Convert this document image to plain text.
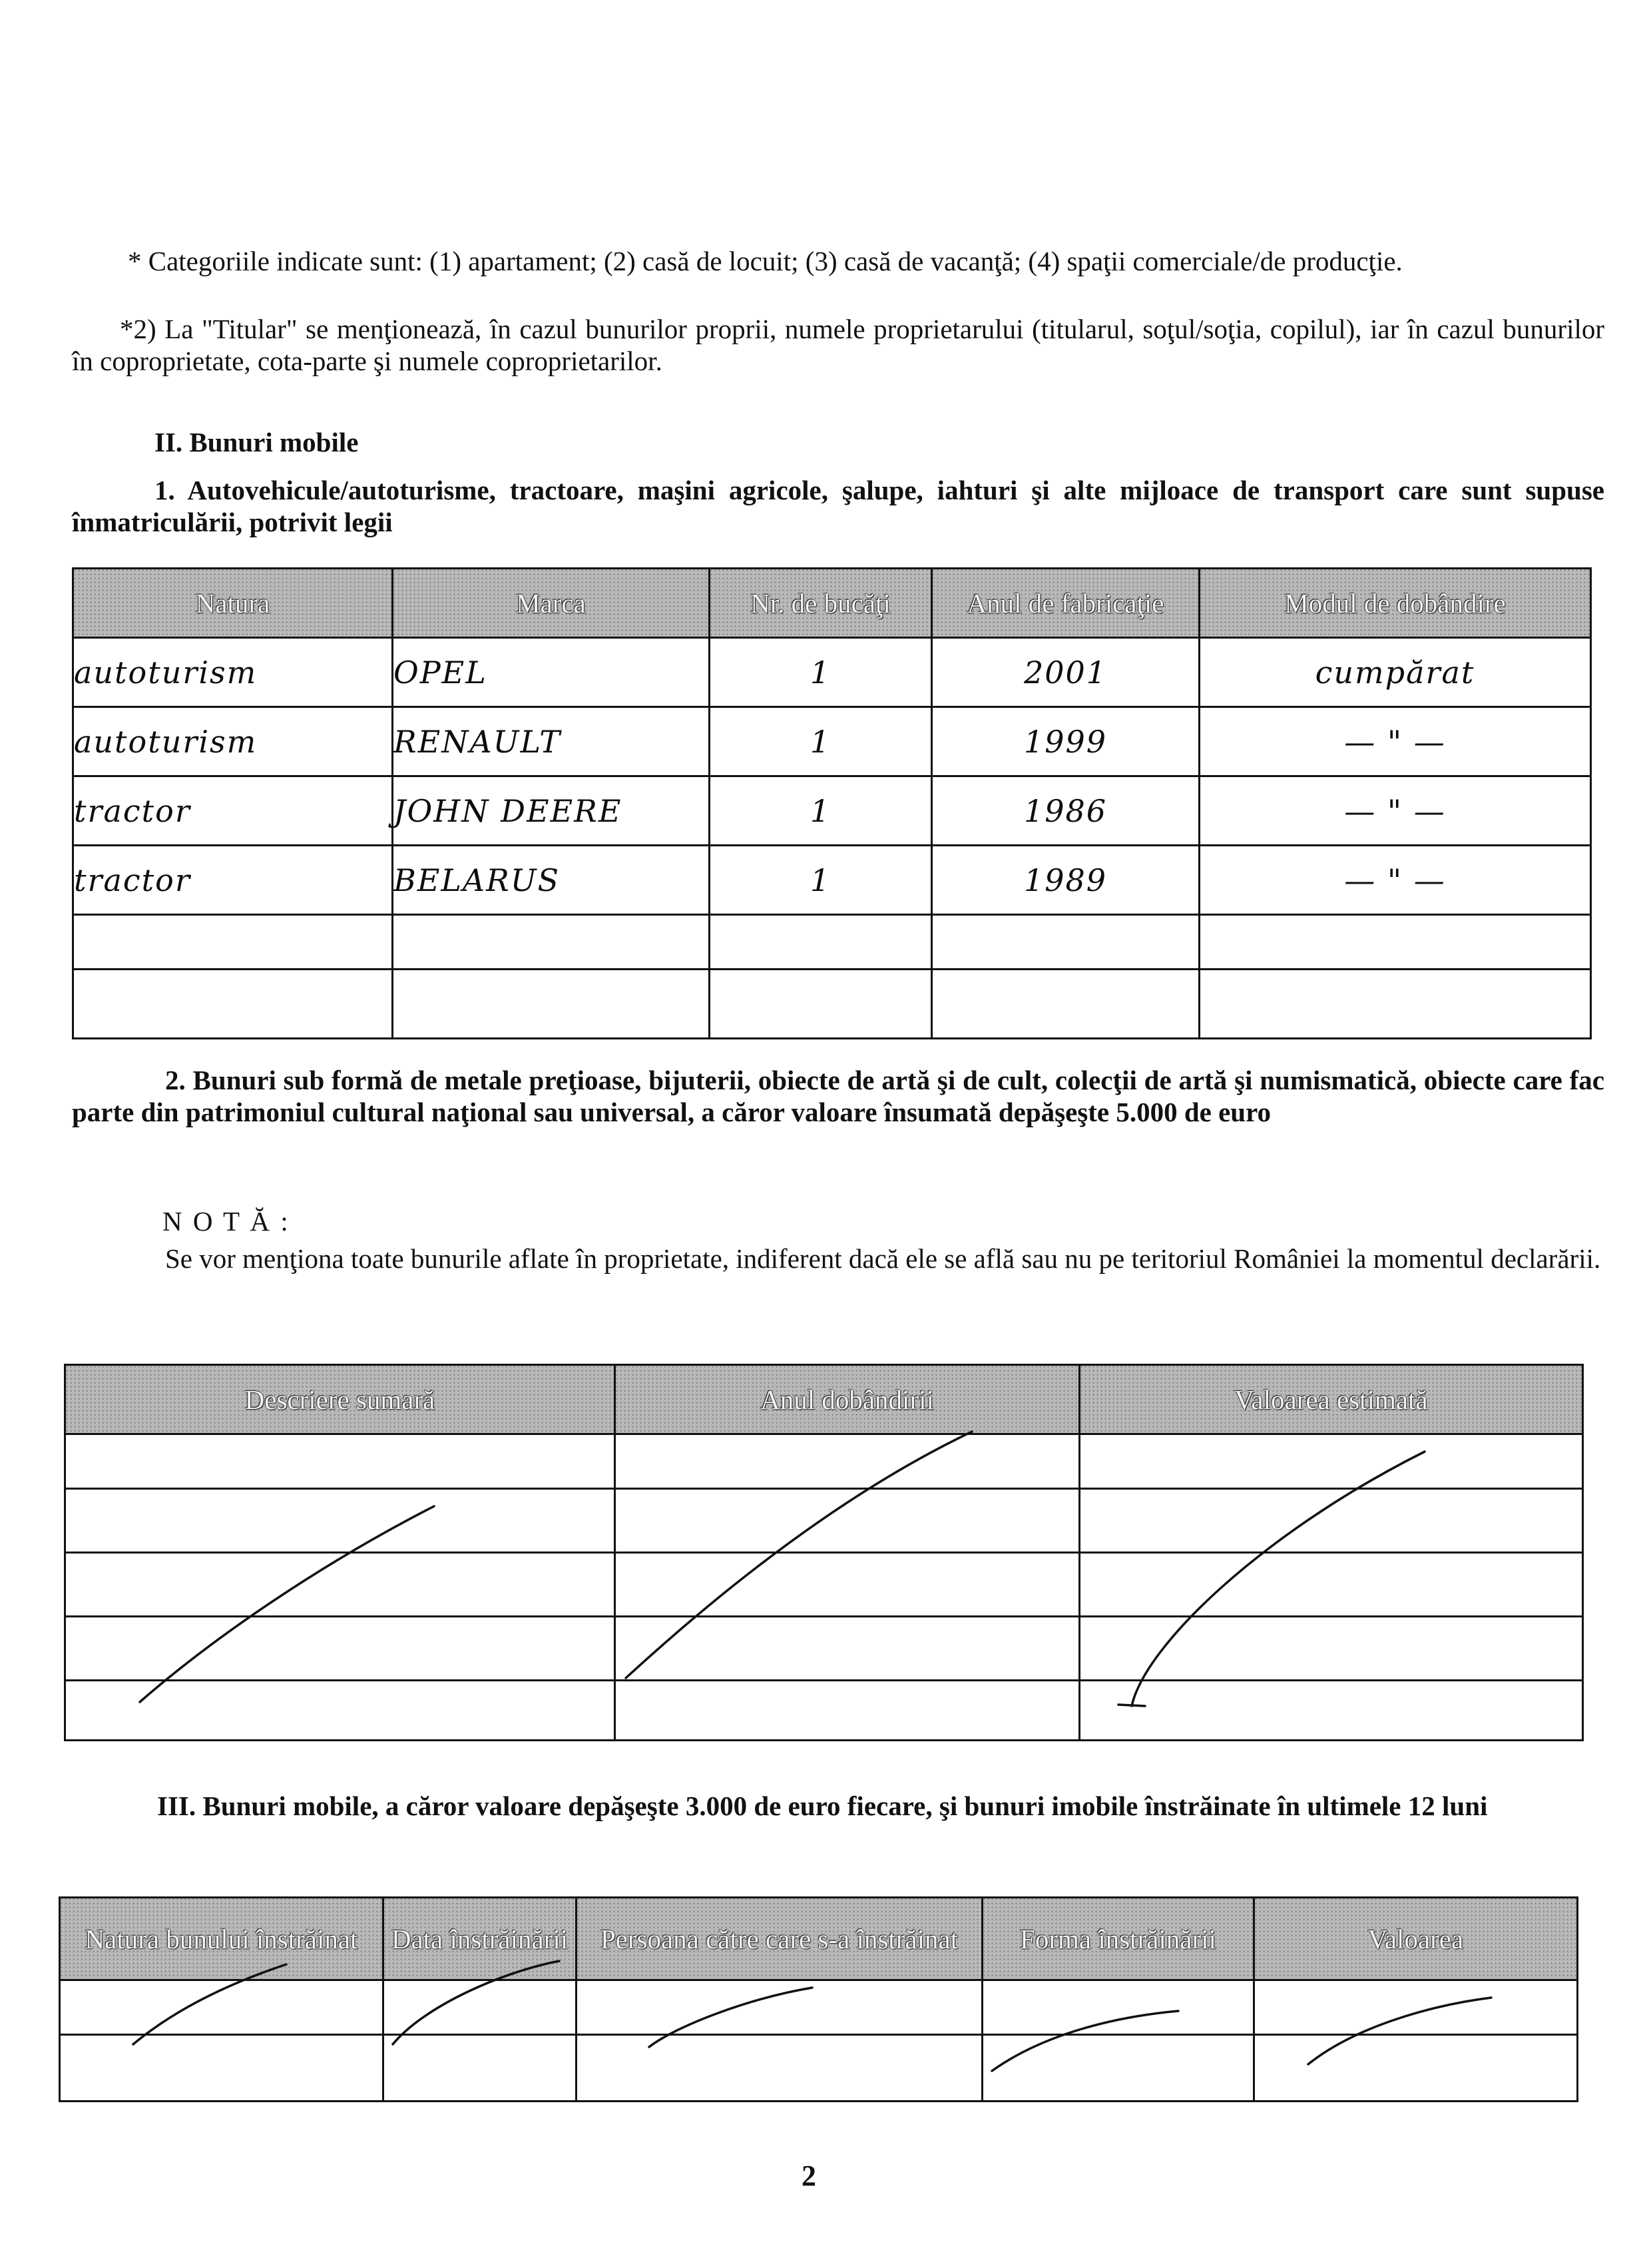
* Categoriile indicate sunt: (1) apartament; (2) casă de locuit; (3) casă de vacanţă; (4) spaţii comerciale/de producţie.
*2) La "Titular" se menţionează, în cazul bunurilor proprii, numele proprietarului (titularul, soţul/soţia, copilul), iar în cazul bunurilor în coproprietate, cota-parte şi numele coproprietarilor.
II. Bunuri mobile
1. Autovehicule/autoturisme, tractoare, maşini agricole, şalupe, iahturi şi alte mijloace de transport care sunt supuse înmatriculării, potrivit legii
Natura	Marca	Nr. de bucăţi	Anul de fabricaţie	Modul de dobândire
autoturism	OPEL	1	2001	cumpărat
autoturism	RENAULT	1	1999	— " —
tractor	JOHN DEERE	1	1986	— " —
tractor	BELARUS	1	1989	— " —

2. Bunuri sub formă de metale preţioase, bijuterii, obiecte de artă şi de cult, colecţii de artă şi numismatică, obiecte care fac parte din patrimoniul cultural naţional sau universal, a căror valoare însumată depăşeşte 5.000 de euro
N O T Ă :
Se vor menţiona toate bunurile aflate în proprietate, indiferent dacă ele se află sau nu pe teritoriul României la momentul declarării.
Descriere sumară	Anul dobândirii	Valoarea estimată

III. Bunuri mobile, a căror valoare depăşeşte 3.000 de euro fiecare, şi bunuri imobile înstrăinate în ultimele 12 luni
Natura bunului înstrăinat	Data înstrăinării	Persoana către care s-a înstrăinat	Forma înstrăinării	Valoarea

2
